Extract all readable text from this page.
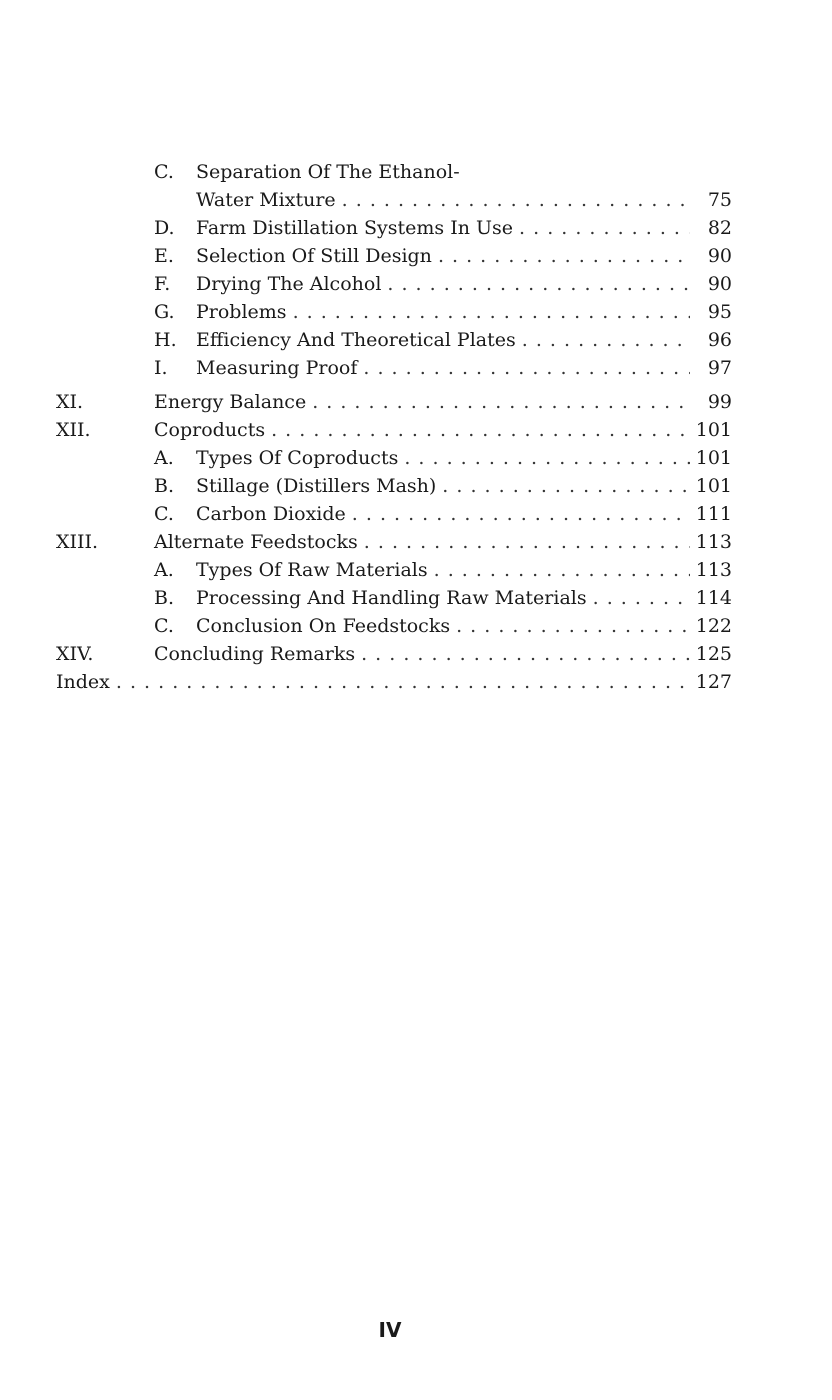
C.	Separation Of The Ethanol-
Water Mixture . . .	75
D.	Farm Distillation Systems In Use . . .	82
E.	Selection Of Still Design . . .	90
F.	Drying The Alcohol . . .	90
G.	Problems . . .	95
H.	Efficiency And Theoretical Plates . . .	96
I.	Measuring Proof . . .	97
XI.	Energy Balance . . .	99
XII.	Coproducts . . .	101
A.	Types Of Coproducts . . .	101
B.	Stillage (Distillers Mash) . . .	101
C.	Carbon Dioxide . . .	111
XIII.	Alternate Feedstocks . . .	113
A.	Types Of Raw Materials . . .	113
B.	Processing And Handling Raw Materials . . .	114
C.	Conclusion On Feedstocks . . .	122
XIV.	Concluding Remarks . . .	125
Index . . .	127
IV
